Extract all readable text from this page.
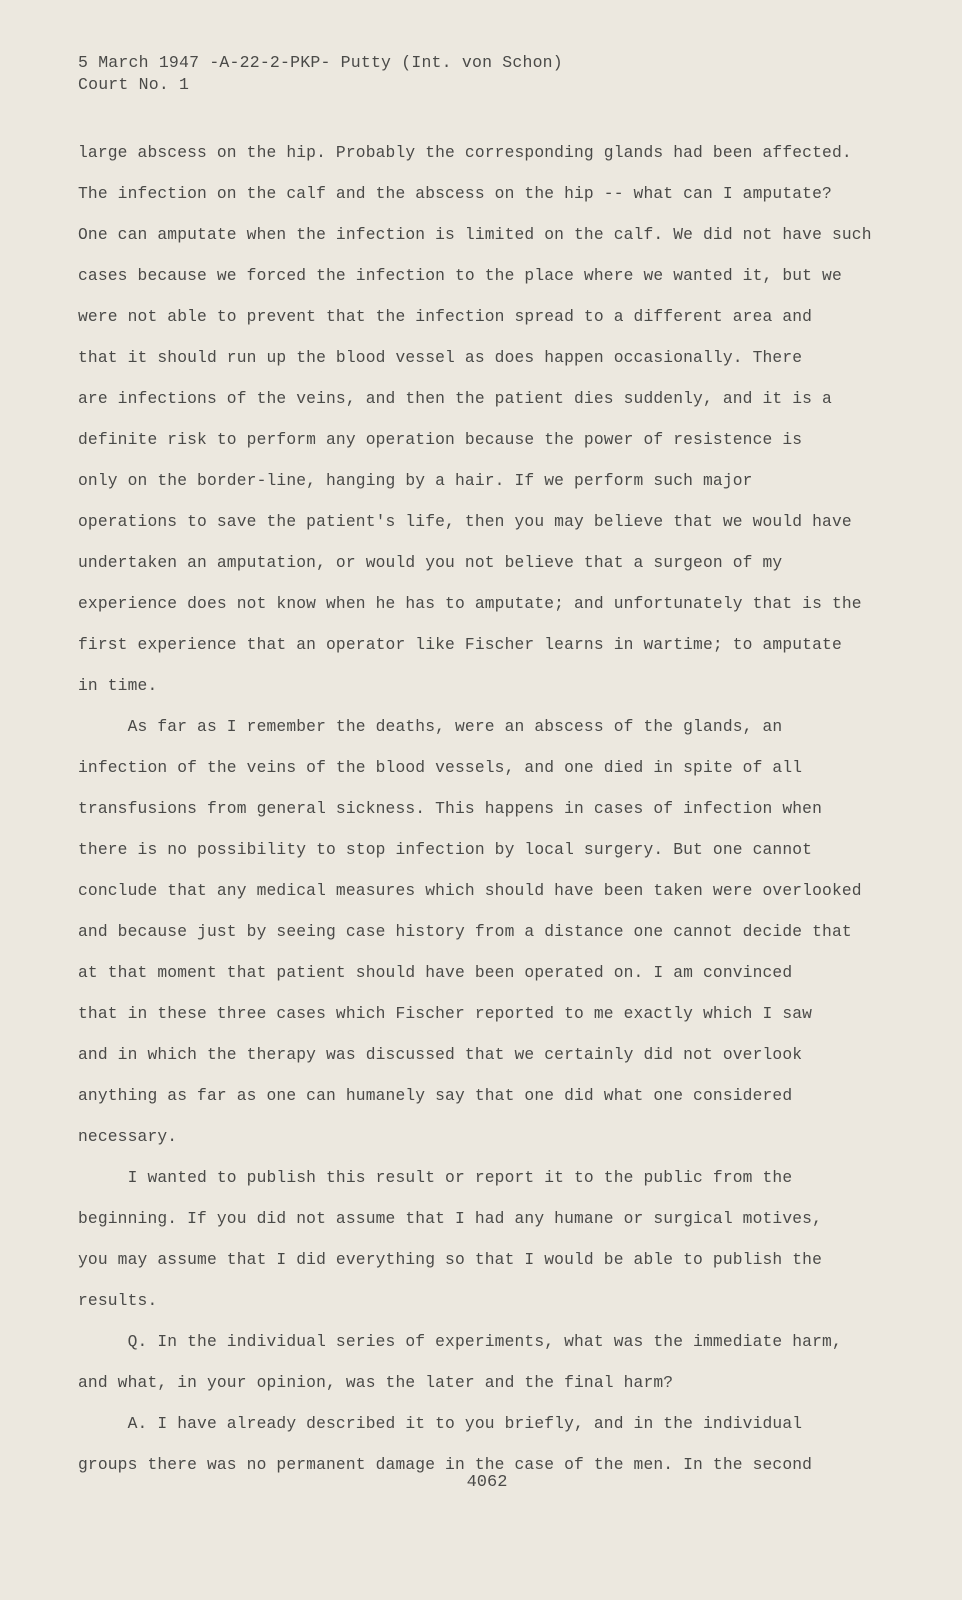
5 March 1947 -A-22-2-PKP- Putty (Int. von Schon)
Court No. 1
large abscess on the hip. Probably the corresponding glands had been affected.
The infection on the calf and the abscess on the hip -- what can I amputate?
One can amputate when the infection is limited on the calf. We did not have such
cases because we forced the infection to the place where we wanted it, but we
were not able to prevent that the infection spread to a different area and
that it should run up the blood vessel as does happen occasionally. There
are infections of the veins, and then the patient dies suddenly, and it is a
definite risk to perform any operation because the power of resistence is
only on the border-line, hanging by a hair. If we perform such major
operations to save the patient's life, then you may believe that we would have
undertaken an amputation, or would you not believe that a surgeon of my
experience does not know when he has to amputate; and unfortunately that is the
first experience that an operator like Fischer learns in wartime; to amputate
in time.
As far as I remember the deaths, were an abscess of the glands, an
infection of the veins of the blood vessels, and one died in spite of all
transfusions from general sickness. This happens in cases of infection when
there is no possibility to stop infection by local surgery. But one cannot
conclude that any medical measures which should have been taken were overlooked
and because just by seeing case history from a distance one cannot decide that
at that moment that patient should have been operated on. I am convinced
that in these three cases which Fischer reported to me exactly which I saw
and in which the therapy was discussed that we certainly did not overlook
anything as far as one can humanely say that one did what one considered
necessary.
I wanted to publish this result or report it to the public from the
beginning. If you did not assume that I had any humane or surgical motives,
you may assume that I did everything so that I would be able to publish the
results.
Q. In the individual series of experiments, what was the immediate harm,
and what, in your opinion, was the later and the final harm?
A. I have already described it to you briefly, and in the individual
groups there was no permanent damage in the case of the men. In the second
4062
